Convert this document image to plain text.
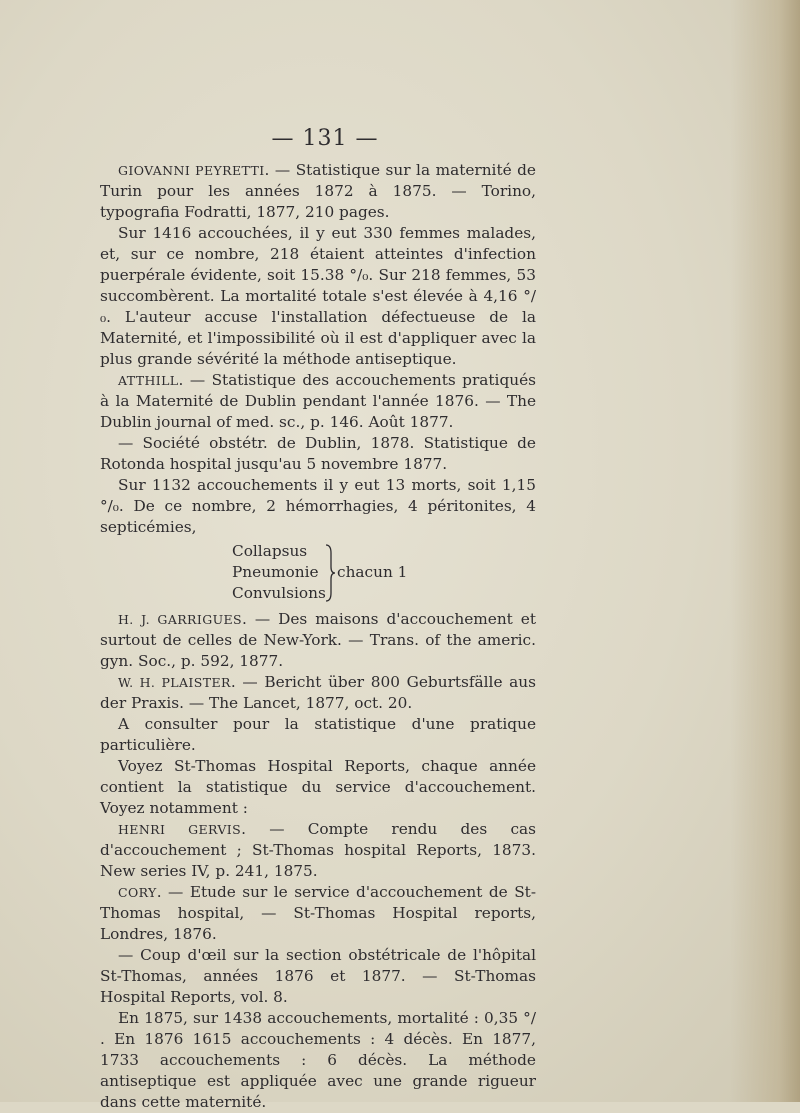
— 131 —

GIOVANNI PEYRETTI. — Statistique sur la maternité de Turin pour les années 1872 à 1875. — Torino, typografia Fodratti, 1877, 210 pages.

Sur 1416 accouchées, il y eut 330 femmes malades, et, sur ce nombre, 218 étaient atteintes d'infection puerpérale évidente, soit 15.38 °/₀. Sur 218 femmes, 53 succombèrent. La mortalité totale s'est élevée à 4,16 °/₀. L'auteur accuse l'installation défectueuse de la Maternité, et l'impossibilité où il est d'appliquer avec la plus grande sévérité la méthode antiseptique.

ATTHILL. — Statistique des accouchements pratiqués à la Maternité de Dublin pendant l'année 1876. — The Dublin journal of med. sc., p. 146. Août 1877.

— Société obstétr. de Dublin, 1878. Statistique de Rotonda hospital jusqu'au 5 novembre 1877.

Sur 1132 accouchements il y eut 13 morts, soit 1,15 °/₀. De ce nombre, 2 hémorrhagies, 4 péritonites, 4 septicémies,

Collapsus
Pneumonie
Convulsions
chacun 1

H. J. GARRIGUES. — Des maisons d'accouchement et surtout de celles de New-York. — Trans. of the americ. gyn. Soc., p. 592, 1877.

W. H. PLAISTER. — Bericht über 800 Geburtsfälle aus der Praxis. — The Lancet, 1877, oct. 20.

A consulter pour la statistique d'une pratique particulière.

Voyez St-Thomas Hospital Reports, chaque année contient la statistique du service d'accouchement. Voyez notamment :

HENRI GERVIS. — Compte rendu des cas d'accouchement ; St-Thomas hospital Reports, 1873. New series IV, p. 241, 1875.

CORY. — Etude sur le service d'accouchement de St-Thomas hospital, — St-Thomas Hospital reports, Londres, 1876.

— Coup d'œil sur la section obstétricale de l'hôpital St-Thomas, années 1876 et 1877. — St-Thomas Hospital Reports, vol. 8.

En 1875, sur 1438 accouchements, mortalité : 0,35 °/ . En 1876 1615 accouchements : 4 décès. En 1877, 1733 accouchements : 6 décès. La méthode antiseptique est appliquée avec une grande rigueur dans cette maternité.
